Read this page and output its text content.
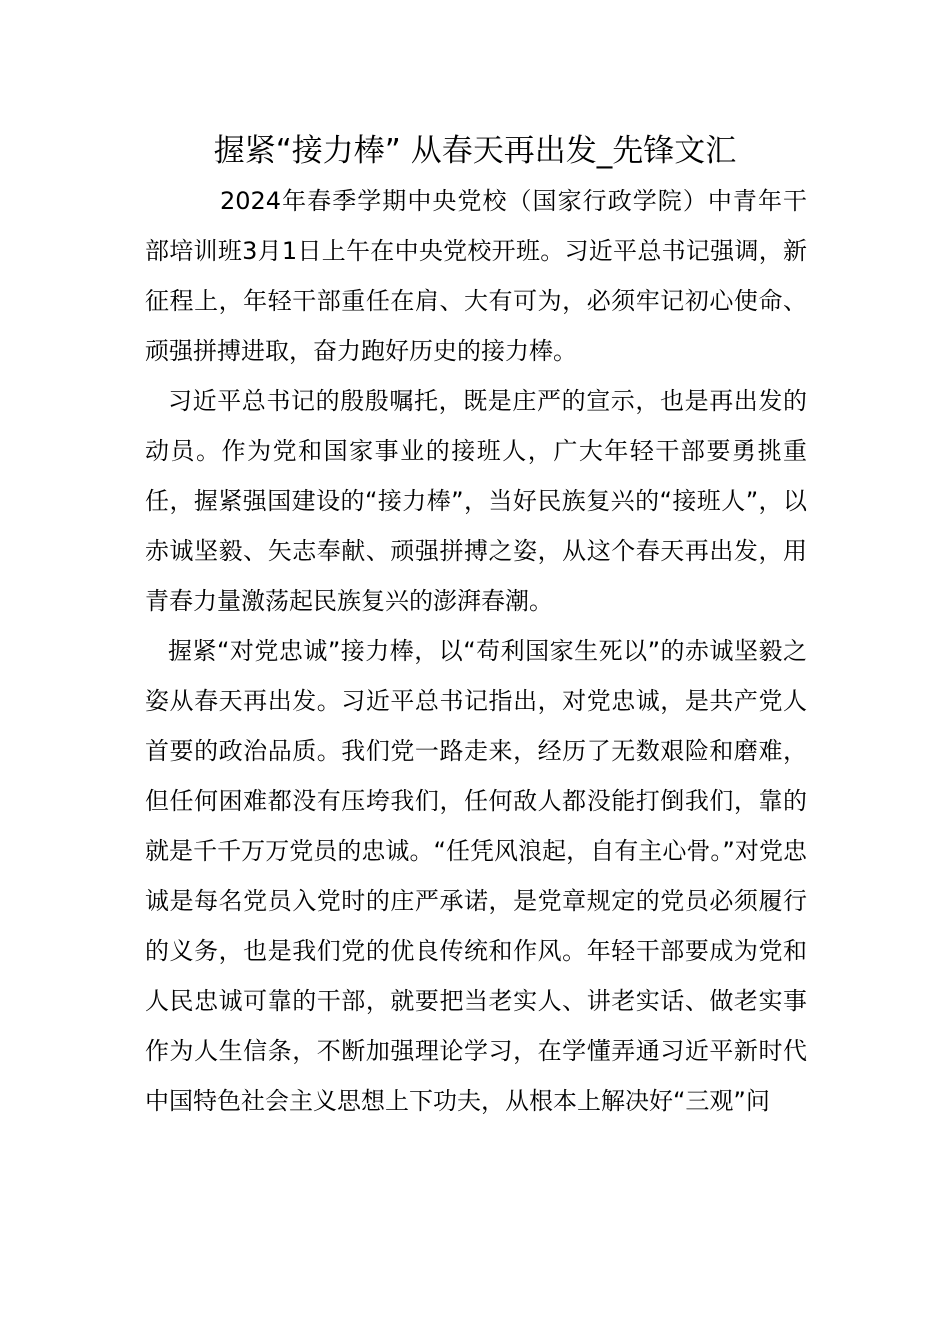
握紧“接力棒” 从春天再出发_先锋文汇

2024年春季学期中央党校（国家行政学院）中青年干部培训班3月1日上午在中央党校开班。习近平总书记强调，新征程上，年轻干部重任在肩、大有可为，必须牢记初心使命、顽强拼搏进取，奋力跑好历史的接力棒。

习近平总书记的殷殷嘱托，既是庄严的宣示，也是再出发的动员。作为党和国家事业的接班人，广大年轻干部要勇挑重任，握紧强国建设的“接力棒”，当好民族复兴的“接班人”，以赤诚坚毅、矢志奉献、顽强拼搏之姿，从这个春天再出发，用青春力量激荡起民族复兴的澎湃春潮。

握紧“对党忠诚”接力棒，以“苟利国家生死以”的赤诚坚毅之姿从春天再出发。习近平总书记指出，对党忠诚，是共产党人首要的政治品质。我们党一路走来，经历了无数艰险和磨难，但任何困难都没有压垮我们，任何敌人都没能打倒我们，靠的就是千千万万党员的忠诚。“任凭风浪起，自有主心骨。”对党忠诚是每名党员入党时的庄严承诺，是党章规定的党员必须履行的义务，也是我们党的优良传统和作风。年轻干部要成为党和人民忠诚可靠的干部，就要把当老实人、讲老实话、做老实事作为人生信条，不断加强理论学习，在学懂弄通习近平新时代中国特色社会主义思想上下功夫，从根本上解决好“三观”问
